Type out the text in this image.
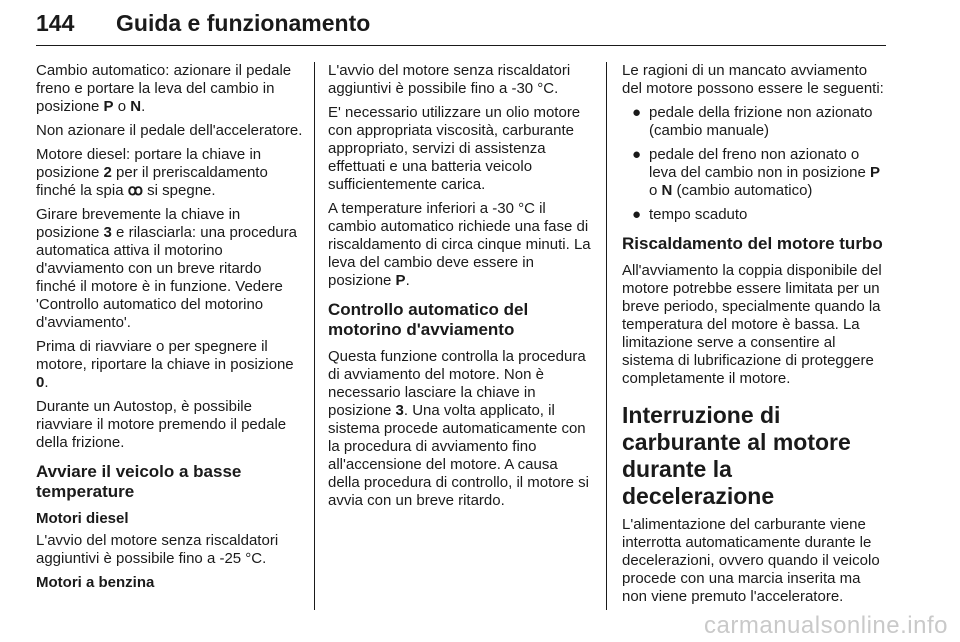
144 Guida e funzionamento

Cambio automatico: azionare il pedale freno e portare la leva del cambio in posizione P o N.

Non azionare il pedale dell'acceleratore.

Motore diesel: portare la chiave in posizione 2 per il preriscaldamento finché la spia ꝏ si spegne.

Girare brevemente la chiave in posizione 3 e rilasciarla: una procedura automatica attiva il motorino d'avviamento con un breve ritardo finché il motore è in funzione. Vedere 'Controllo automatico del motorino d'avviamento'.

Prima di riavviare o per spegnere il motore, riportare la chiave in posizione 0.

Durante un Autostop, è possibile riavviare il motore premendo il pedale della frizione.

Avviare il veicolo a basse temperature
Motori diesel

L'avvio del motore senza riscaldatori aggiuntivi è possibile fino a -25 °C.

Motori a benzina

L'avvio del motore senza riscaldatori aggiuntivi è possibile fino a -30 °C.

E' necessario utilizzare un olio motore con appropriata viscosità, carburante appropriato, servizi di assistenza effettuati e una batteria veicolo sufficientemente carica.

A temperature inferiori a -30 °C il cambio automatico richiede una fase di riscaldamento di circa cinque minuti. La leva del cambio deve essere in posizione P.

Controllo automatico del motorino d'avviamento

Questa funzione controlla la procedura di avviamento del motore. Non è necessario lasciare la chiave in posizione 3. Una volta applicato, il sistema procede automaticamente con la procedura di avviamento fino all'accensione del motore. A causa della procedura di controllo, il motore si avvia con un breve ritardo.

Le ragioni di un mancato avviamento del motore possono essere le seguenti:

● pedale della frizione non azionato (cambio manuale)
● pedale del freno non azionato o leva del cambio non in posizione P o N (cambio automatico)
● tempo scaduto
Riscaldamento del motore turbo

All'avviamento la coppia disponibile del motore potrebbe essere limitata per un breve periodo, specialmente quando la temperatura del motore è bassa. La limitazione serve a consentire al sistema di lubrificazione di proteggere completamente il motore.

Interruzione di carburante al motore durante la decelerazione

L'alimentazione del carburante viene interrotta automaticamente durante le decelerazioni, ovvero quando il veicolo procede con una marcia inserita ma non viene premuto l'acceleratore.

carmanualsonline.info
